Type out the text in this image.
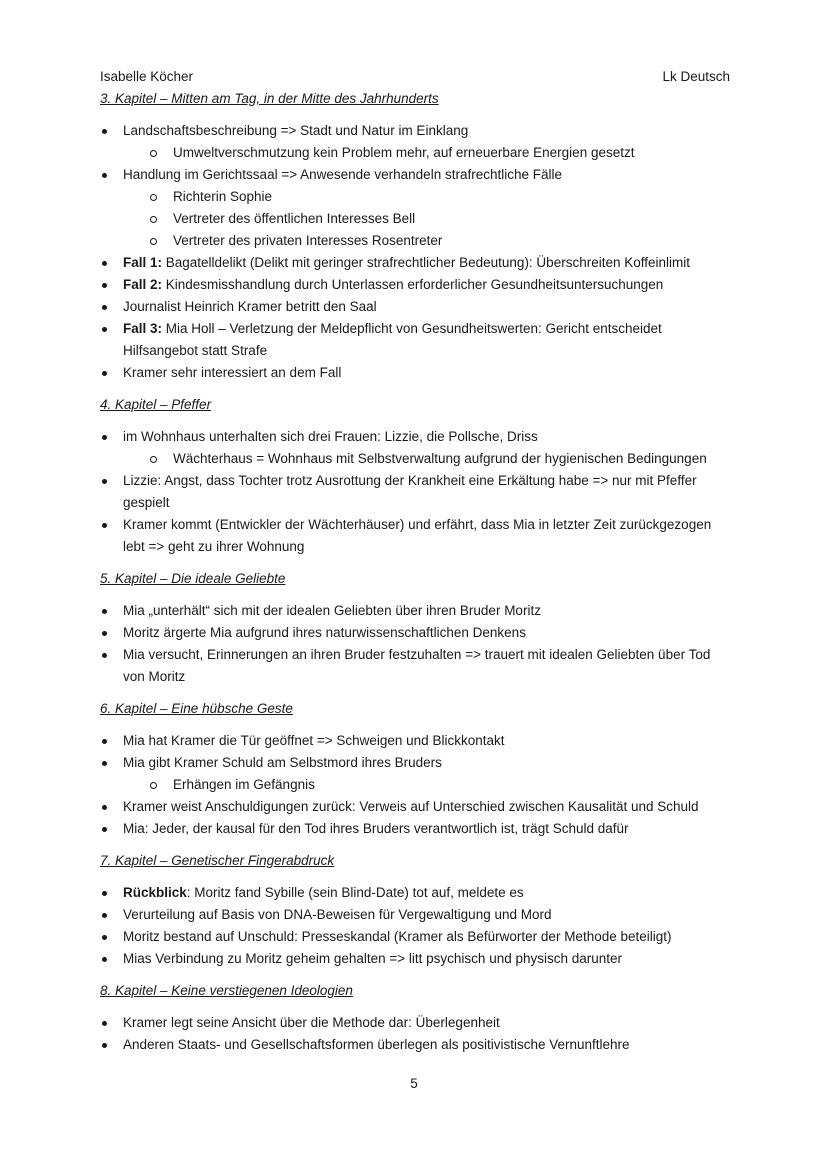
Isabelle Köcher	Lk Deutsch
3. Kapitel – Mitten am Tag, in der Mitte des Jahrhunderts
Landschaftsbeschreibung => Stadt und Natur im Einklang
Umweltverschmutzung kein Problem mehr, auf erneuerbare Energien gesetzt
Handlung im Gerichtssaal => Anwesende verhandeln strafrechtliche Fälle
Richterin Sophie
Vertreter des öffentlichen Interesses Bell
Vertreter des privaten Interesses Rosentreter
Fall 1: Bagatelldelikt (Delikt mit geringer strafrechtlicher Bedeutung): Überschreiten Koffeinlimit
Fall 2: Kindesmisshandlung durch Unterlassen erforderlicher Gesundheitsuntersuchungen
Journalist Heinrich Kramer betritt den Saal
Fall 3: Mia Holl – Verletzung der Meldepflicht von Gesundheitswerten: Gericht entscheidet Hilfsangebot statt Strafe
Kramer sehr interessiert an dem Fall
4. Kapitel – Pfeffer
im Wohnhaus unterhalten sich drei Frauen: Lizzie, die Pollsche, Driss
Wächterhaus = Wohnhaus mit Selbstverwaltung aufgrund der hygienischen Bedingungen
Lizzie: Angst, dass Tochter trotz Ausrottung der Krankheit eine Erkältung habe => nur mit Pfeffer gespielt
Kramer kommt (Entwickler der Wächterhäuser) und erfährt, dass Mia in letzter Zeit zurückgezogen lebt => geht zu ihrer Wohnung
5. Kapitel – Die ideale Geliebte
Mia „unterhält“ sich mit der idealen Geliebten über ihren Bruder Moritz
Moritz ärgerte Mia aufgrund ihres naturwissenschaftlichen Denkens
Mia versucht, Erinnerungen an ihren Bruder festzuhalten => trauert mit idealen Geliebten über Tod von Moritz
6. Kapitel – Eine hübsche Geste
Mia hat Kramer die Tür geöffnet => Schweigen und Blickkontakt
Mia gibt Kramer Schuld am Selbstmord ihres Bruders
Erhängen im Gefängnis
Kramer weist Anschuldigungen zurück: Verweis auf Unterschied zwischen Kausalität und Schuld
Mia: Jeder, der kausal für den Tod ihres Bruders verantwortlich ist, trägt Schuld dafür
7. Kapitel – Genetischer Fingerabdruck
Rückblick: Moritz fand Sybille (sein Blind-Date) tot auf, meldete es
Verurteilung auf Basis von DNA-Beweisen für Vergewaltigung und Mord
Moritz bestand auf Unschuld: Presseskandal (Kramer als Befürworter der Methode beteiligt)
Mias Verbindung zu Moritz geheim gehalten => litt psychisch und physisch darunter
8. Kapitel – Keine verstiegenen Ideologien
Kramer legt seine Ansicht über die Methode dar: Überlegenheit
Anderen Staats- und Gesellschaftsformen überlegen als positivistische Vernunftlehre
5
